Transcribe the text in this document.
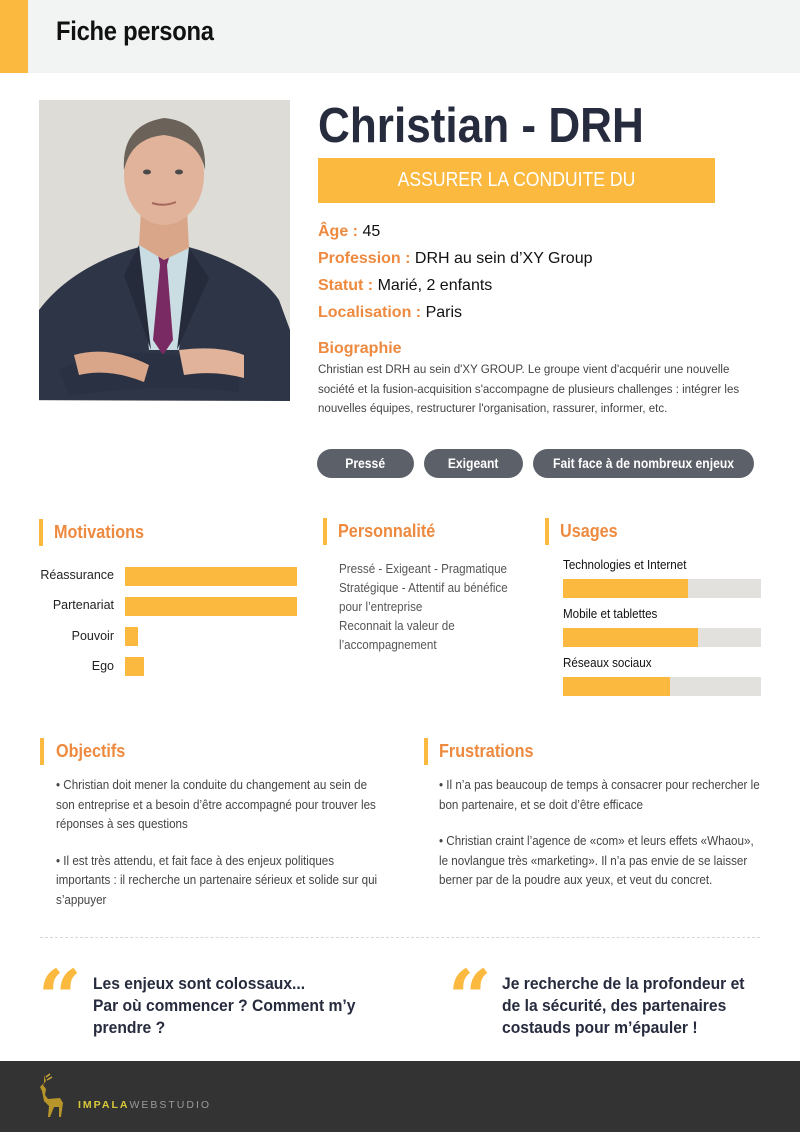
Fiche persona
Christian - DRH
ASSURER LA CONDUITE DU CHANGEMENT
Âge : 45
Profession : DRH au sein d’XY Group
Statut : Marié, 2 enfants
Localisation : Paris
Biographie
Christian est DRH au sein d'XY GROUP. Le groupe vient d'acquérir une nouvelle société et la fusion-acquisition s'accompagne de plusieurs challenges : intégrer les nouvelles équipes, restructurer l'organisation, rassurer, informer, etc.
Pressé	Exigeant	Fait face à de nombreux enjeux
Motivations
Réassurance
Partenariat
Pouvoir
Ego
Personnalité
Pressé - Exigeant - Pragmatique
Stratégique - Attentif au bénéfice
pour l’entreprise
Reconnait la valeur de
l’accompagnement
Usages
Technologies et Internet
Mobile et tablettes
Réseaux sociaux
Objectifs

• Christian doit mener la conduite du changement au sein de son entreprise et a besoin d’être accompagné pour trouver les réponses à ses questions

• Il est très attendu, et fait face à des enjeux politiques importants : il recherche un partenaire sérieux et solide sur qui s’appuyer

Frustrations

• Il n’a pas beaucoup de temps à consacrer pour rechercher le bon partenaire, et se doit d’être efficace

• Christian craint l’agence de «com» et leurs effets «Whaou», le novlangue très «marketing». Il n’a pas envie de se laisser berner par de la poudre aux yeux, et veut du concret.

“ Les enjeux sont colossaux...
Par où commencer ? Comment m’y
prendre ?	“ Je recherche de la profondeur et
de la sécurité, des partenaires
costauds pour m’épauler !
IMPALAWEBSTUDIO
